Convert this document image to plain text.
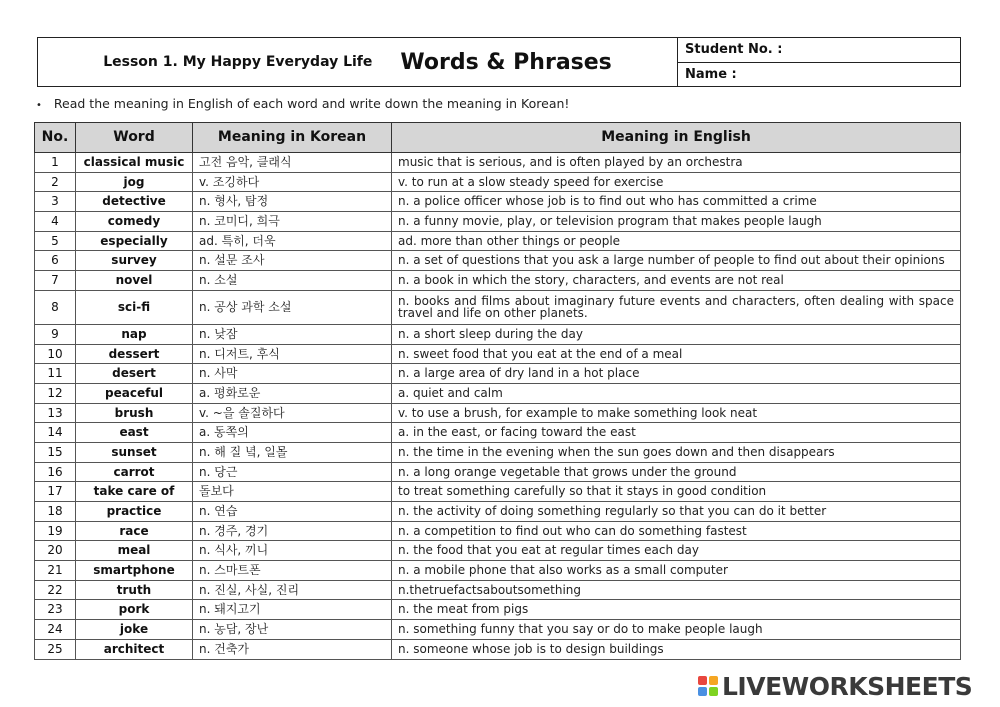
Lesson 1. My Happy Everyday Life Words & Phrases	Student No. :
Name :
• Read the meaning in English of each word and write down the meaning in Korean!
No.	Word	Meaning in Korean	Meaning in English
1	classical music	고전 음악, 클래식	music that is serious, and is often played by an orchestra
2	jog	v. 조깅하다	v. to run at a slow steady speed for exercise
3	detective	n. 형사, 탐정	n. a police officer whose job is to find out who has committed a crime
4	comedy	n. 코미디, 희극	n. a funny movie, play, or television program that makes people laugh
5	especially	ad. 특히, 더욱	ad. more than other things or people
6	survey	n. 설문 조사	n. a set of questions that you ask a large number of people to find out about their opinions
7	novel	n. 소설	n. a book in which the story, characters, and events are not real
8	sci-fi	n. 공상 과학 소설	n. books and films about imaginary future events and characters, often dealing with space travel and life on other planets.
9	nap	n. 낮잠	n. a short sleep during the day
10	dessert	n. 디저트, 후식	n. sweet food that you eat at the end of a meal
11	desert	n. 사막	n. a large area of dry land in a hot place
12	peaceful	a. 평화로운	a. quiet and calm
13	brush	v. ~을 솔질하다	v. to use a brush, for example to make something look neat
14	east	a. 동쪽의	a. in the east, or facing toward the east
15	sunset	n. 해 질 녘, 일몰	n. the time in the evening when the sun goes down and then disappears
16	carrot	n. 당근	n. a long orange vegetable that grows under the ground
17	take care of	돌보다	to treat something carefully so that it stays in good condition
18	practice	n. 연습	n. the activity of doing something regularly so that you can do it better
19	race	n. 경주, 경기	n. a competition to find out who can do something fastest
20	meal	n. 식사, 끼니	n. the food that you eat at regular times each day
21	smartphone	n. 스마트폰	n. a mobile phone that also works as a small computer
22	truth	n. 진실, 사실, 진리	n.thetruefactsaboutsomething
23	pork	n. 돼지고기	n. the meat from pigs
24	joke	n. 농담, 장난	n. something funny that you say or do to make people laugh
25	architect	n. 건축가	n. someone whose job is to design buildings
LIVEWORKSHEETS
